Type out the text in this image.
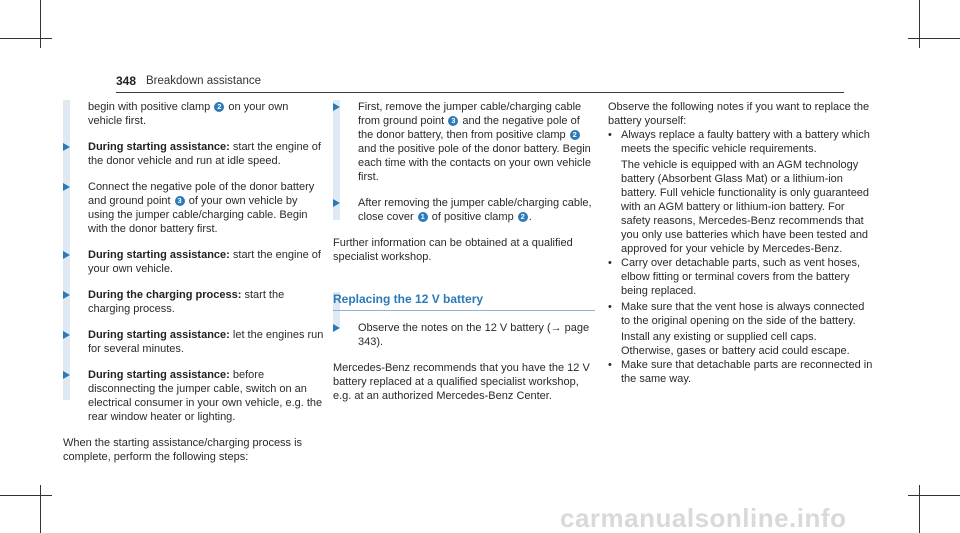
348 Breakdown assistance
begin with positive clamp 2 on your own vehicle first.
During starting assistance: start the engine of the donor vehicle and run at idle speed.
Connect the negative pole of the donor battery and ground point 3 of your own vehicle by using the jumper cable/charging cable. Begin with the donor battery first.
During starting assistance: start the engine of your own vehicle.
During the charging process: start the charging process.
During starting assistance: let the engines run for several minutes.
During starting assistance: before disconnecting the jumper cable, switch on an electrical consumer in your own vehicle, e.g. the rear window heater or lighting.

When the starting assistance/charging process is complete, perform the following steps:

First, remove the jumper cable/charging cable from ground point 3 and the negative pole of the donor battery, then from positive clamp 2 and the positive pole of the donor battery. Begin each time with the contacts on your own vehicle first.
After removing the jumper cable/charging cable, close cover 1 of positive clamp 2 .

Further information can be obtained at a qualified specialist workshop.

Replacing the 12 V battery
Observe the notes on the 12 V battery (→ page 343).

Mercedes-Benz recommends that you have the 12 V battery replaced at a qualified specialist workshop, e.g. at an authorized Mercedes-Benz Center.

Observe the following notes if you want to replace the battery yourself:

• Always replace a faulty battery with a battery which meets the specific vehicle requirements.

The vehicle is equipped with an AGM technology battery (Absorbent Glass Mat) or a lithium-ion battery. Full vehicle functionality is only guaranteed with an AGM battery or lithium-ion battery. For safety reasons, Mercedes-Benz recommends that you only use batteries which have been tested and approved for your vehicle by Mercedes-Benz.

• Carry over detachable parts, such as vent hoses, elbow fitting or terminal covers from the battery being replaced.
• Make sure that the vent hose is always connected to the original opening on the side of the battery.

Install any existing or supplied cell caps.

Otherwise, gases or battery acid could escape.

• Make sure that detachable parts are reconnected in the same way.
carmanualsonline.info
